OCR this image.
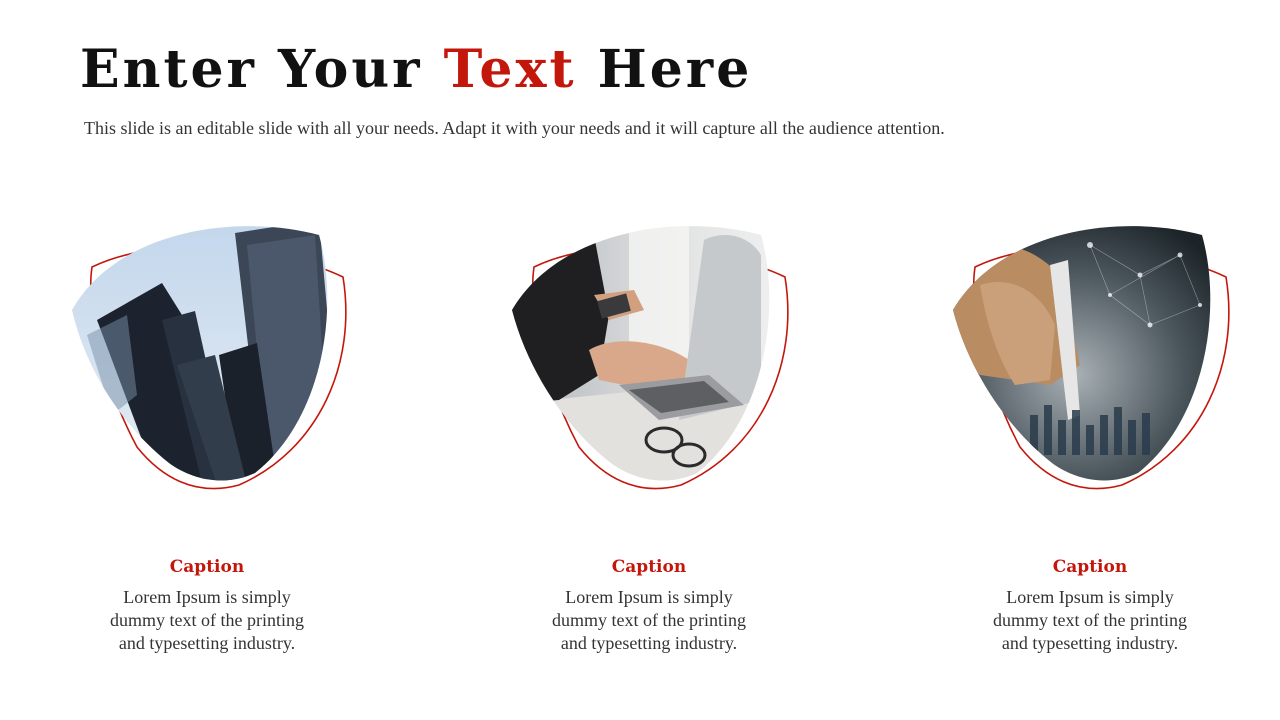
Enter Your Text Here
This slide is an editable slide with all your needs. Adapt it with your needs and it will capture all the audience attention.
Caption
Lorem Ipsum is simply dummy text of the printing and typesetting industry.
Caption
Lorem Ipsum is simply dummy text of the printing and typesetting industry.
Caption
Lorem Ipsum is simply dummy text of the printing and typesetting industry.
